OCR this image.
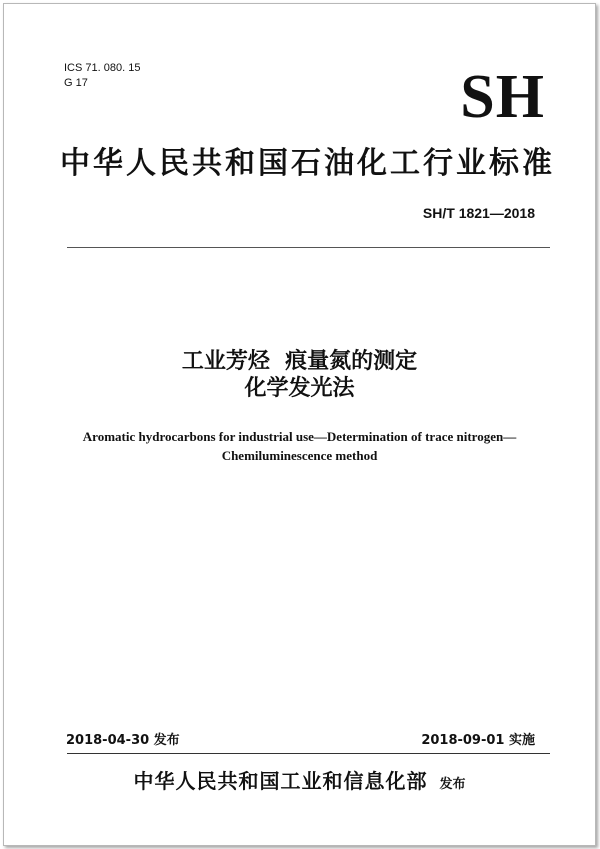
ICS 71. 080. 15
G 17	SH
中华人民共和国石油化工行业标准
SH/T 1821—2018
工业芳烃  痕量氮的测定
化学发光法
Aromatic hydrocarbons for industrial use—Determination of trace nitrogen—
Chemiluminescence method
2018-04-30 发布	2018-09-01 实施
中华人民共和国工业和信息化部 发布
